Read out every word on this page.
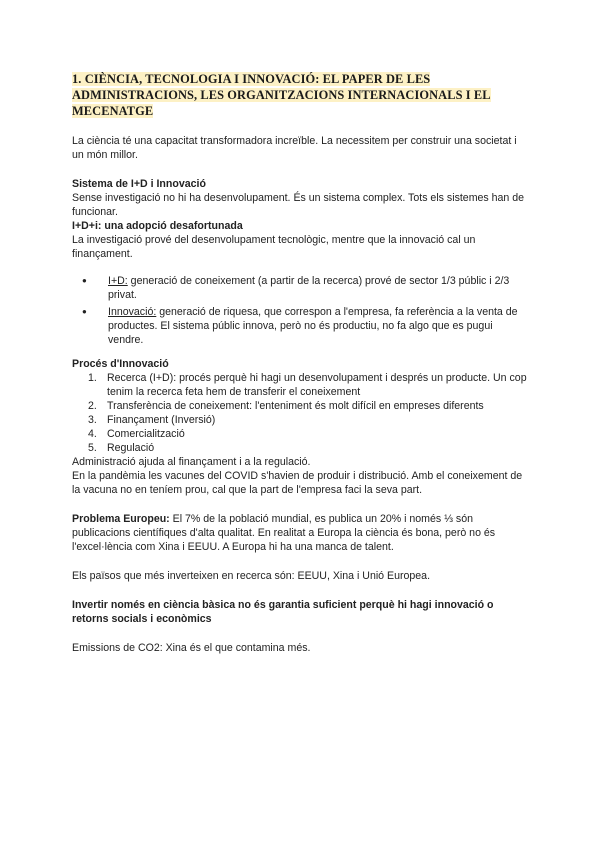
1. CIÈNCIA, TECNOLOGIA I INNOVACIÓ: EL PAPER DE LES
ADMINISTRACIONS, LES ORGANITZACIONS INTERNACIONALS I EL
MECENATGE

La ciència té una capacitat transformadora increïble. La necessitem per construir una societat i un món millor.

Sistema de I+D i Innovació

Sense investigació no hi ha desenvolupament. És un sistema complex. Tots els sistemes han de funcionar.

I+D+i: una adopció desafortunada

La investigació prové del desenvolupament tecnològic, mentre que la innovació cal un finançament.

● I+D: generació de coneixement (a partir de la recerca) prové de sector 1/3 públic i 2/3 privat.
● Innovació: generació de riquesa, que correspon a l'empresa, fa referència a la venta de productes. El sistema públic innova, però no és productiu, no fa algo que es pugui vendre.

Procés d'Innovació

1. Recerca (I+D): procés perquè hi hagi un desenvolupament i després un producte. Un cop tenim la recerca feta hem de transferir el coneixement
2. Transferència de coneixement: l'enteniment és molt difícil en empreses diferents
3. Finançament (Inversió)
4. Comercialització
5. Regulació

Administració ajuda al finançament i a la regulació.

En la pandèmia les vacunes del COVID s'havien de produir i distribució. Amb el coneixement de la vacuna no en teníem prou, cal que la part de l'empresa faci la seva part.

Problema Europeu: El 7% de la població mundial, es publica un 20% i només ⅓ són publicacions científiques d'alta qualitat. En realitat a Europa la ciència és bona, però no és l'excel·lència com Xina i EEUU. A Europa hi ha una manca de talent.

Els països que més inverteixen en recerca són: EEUU, Xina i Unió Europea.

Invertir només en ciència bàsica no és garantia suficient perquè hi hagi innovació o retorns socials i econòmics

Emissions de CO2: Xina és el que contamina més.
